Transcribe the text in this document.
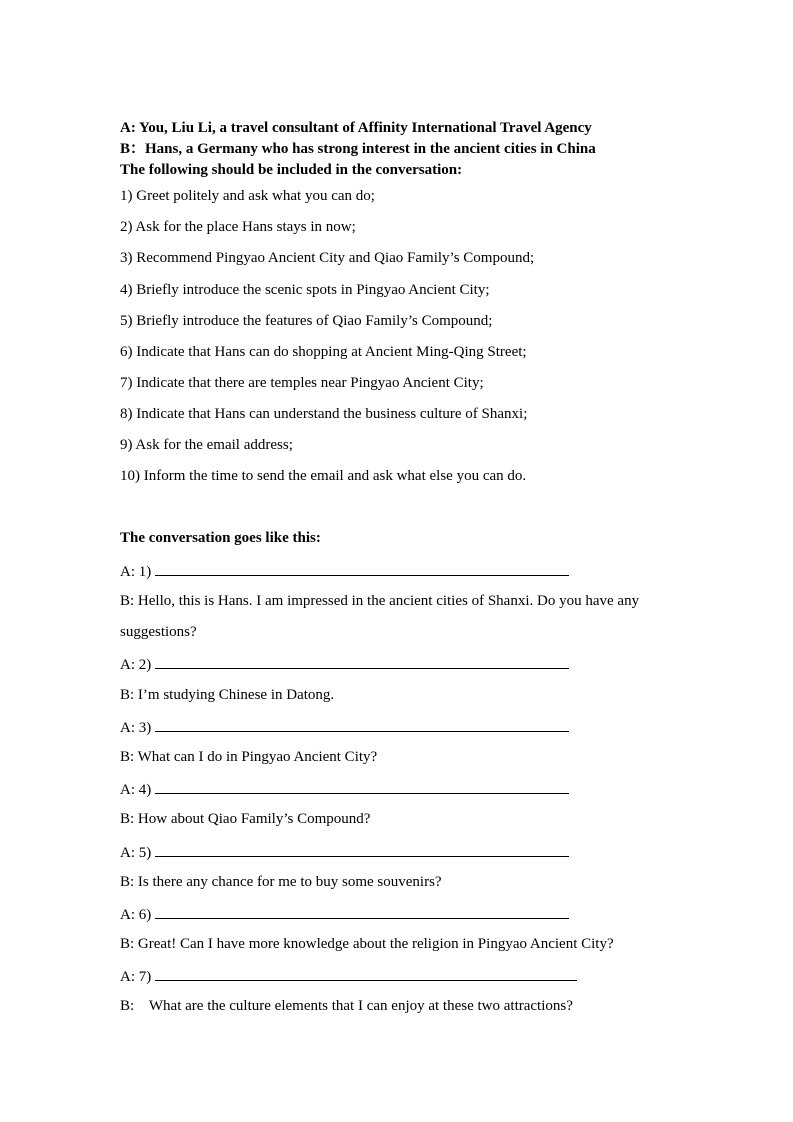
A: You, Liu Li, a travel consultant of Affinity International Travel Agency
B：Hans, a Germany who has strong interest in the ancient cities in China
The following should be included in the conversation:
1) Greet politely and ask what you can do;
2) Ask for the place Hans stays in now;
3) Recommend Pingyao Ancient City and Qiao Family’s Compound;
4) Briefly introduce the scenic spots in Pingyao Ancient City;
5) Briefly introduce the features of Qiao Family’s Compound;
6) Indicate that Hans can do shopping at Ancient Ming-Qing Street;
7) Indicate that there are temples near Pingyao Ancient City;
8) Indicate that Hans can understand the business culture of Shanxi;
9) Ask for the email address;
10) Inform the time to send the email and ask what else you can do.
The conversation goes like this:
A: 1)
B: Hello, this is Hans. I am impressed in the ancient cities of Shanxi. Do you have any
suggestions?
A: 2)
B: I’m studying Chinese in Datong.
A: 3)
B: What can I do in Pingyao Ancient City?
A: 4)
B: How about Qiao Family’s Compound?
A: 5)
B: Is there any chance for me to buy some souvenirs?
A: 6)
B: Great! Can I have more knowledge about the religion in Pingyao Ancient City?
A: 7)
B:    What are the culture elements that I can enjoy at these two attractions?
